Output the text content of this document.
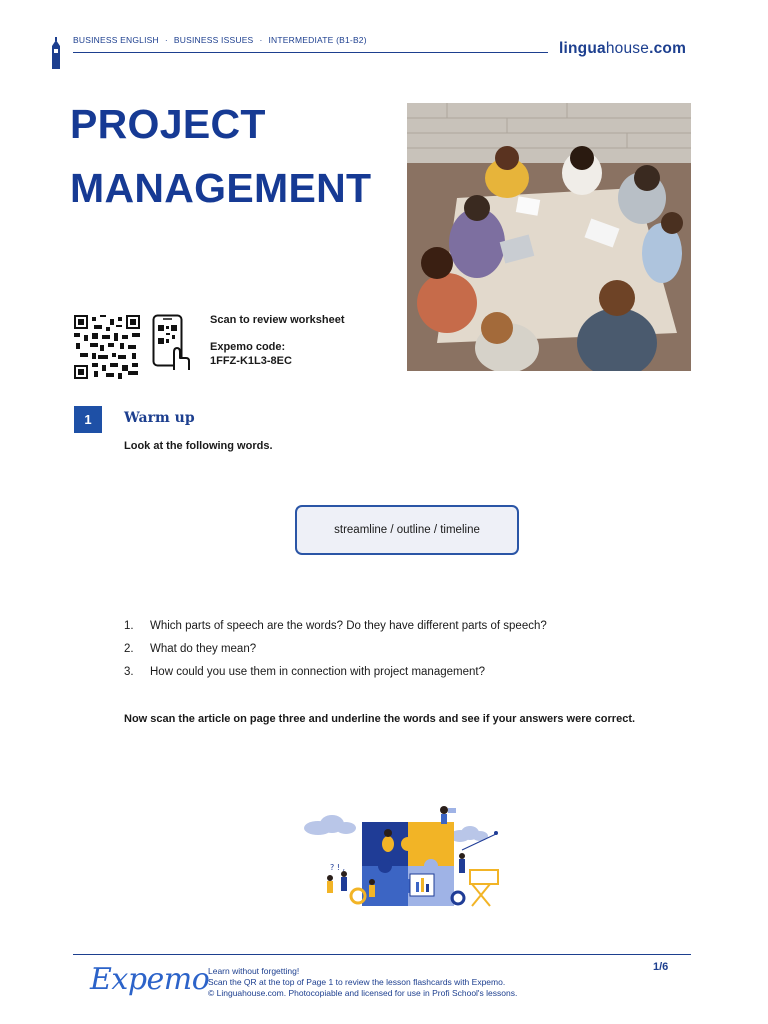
BUSINESS ENGLISH · BUSINESS ISSUES · INTERMEDIATE (B1-B2)	linguahouse.com
PROJECT
MANAGEMENT
Scan to review worksheet
Expemo code:
1FFZ-K1L3-8EC
1	Warm up
Look at the following words.
streamline / outline / timeline
1.	Which parts of speech are the words? Do they have different parts of speech?
2.	What do they mean?
3.	How could you use them in connection with project management?
Now scan the article on page three and underline the words and see if your answers were correct.
? ! ,
Expemo
Learn without forgetting!
Scan the QR at the top of Page 1 to review the lesson flashcards with Expemo.
© Linguahouse.com. Photocopiable and licensed for use in Profi School's lessons.
1/6
